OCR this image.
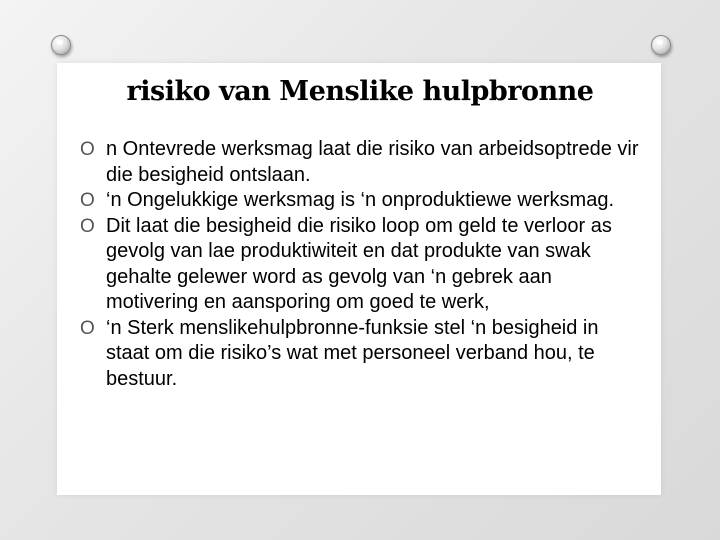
risiko van Menslike hulpbronne
O n Ontevrede werksmag laat die risiko van arbeidsoptrede vir die besigheid ontslaan.
O ‘n Ongelukkige werksmag is ‘n onproduktiewe werksmag.
O Dit laat die besigheid die risiko loop om geld te verloor as gevolg van lae produktiwiteit en dat produkte van swak gehalte gelewer word as gevolg van ‘n gebrek aan motivering en aansporing om goed te werk,
O ‘n Sterk menslikehulpbronne-funksie stel ‘n besigheid in staat om die risiko’s wat met personeel verband hou, te bestuur.
